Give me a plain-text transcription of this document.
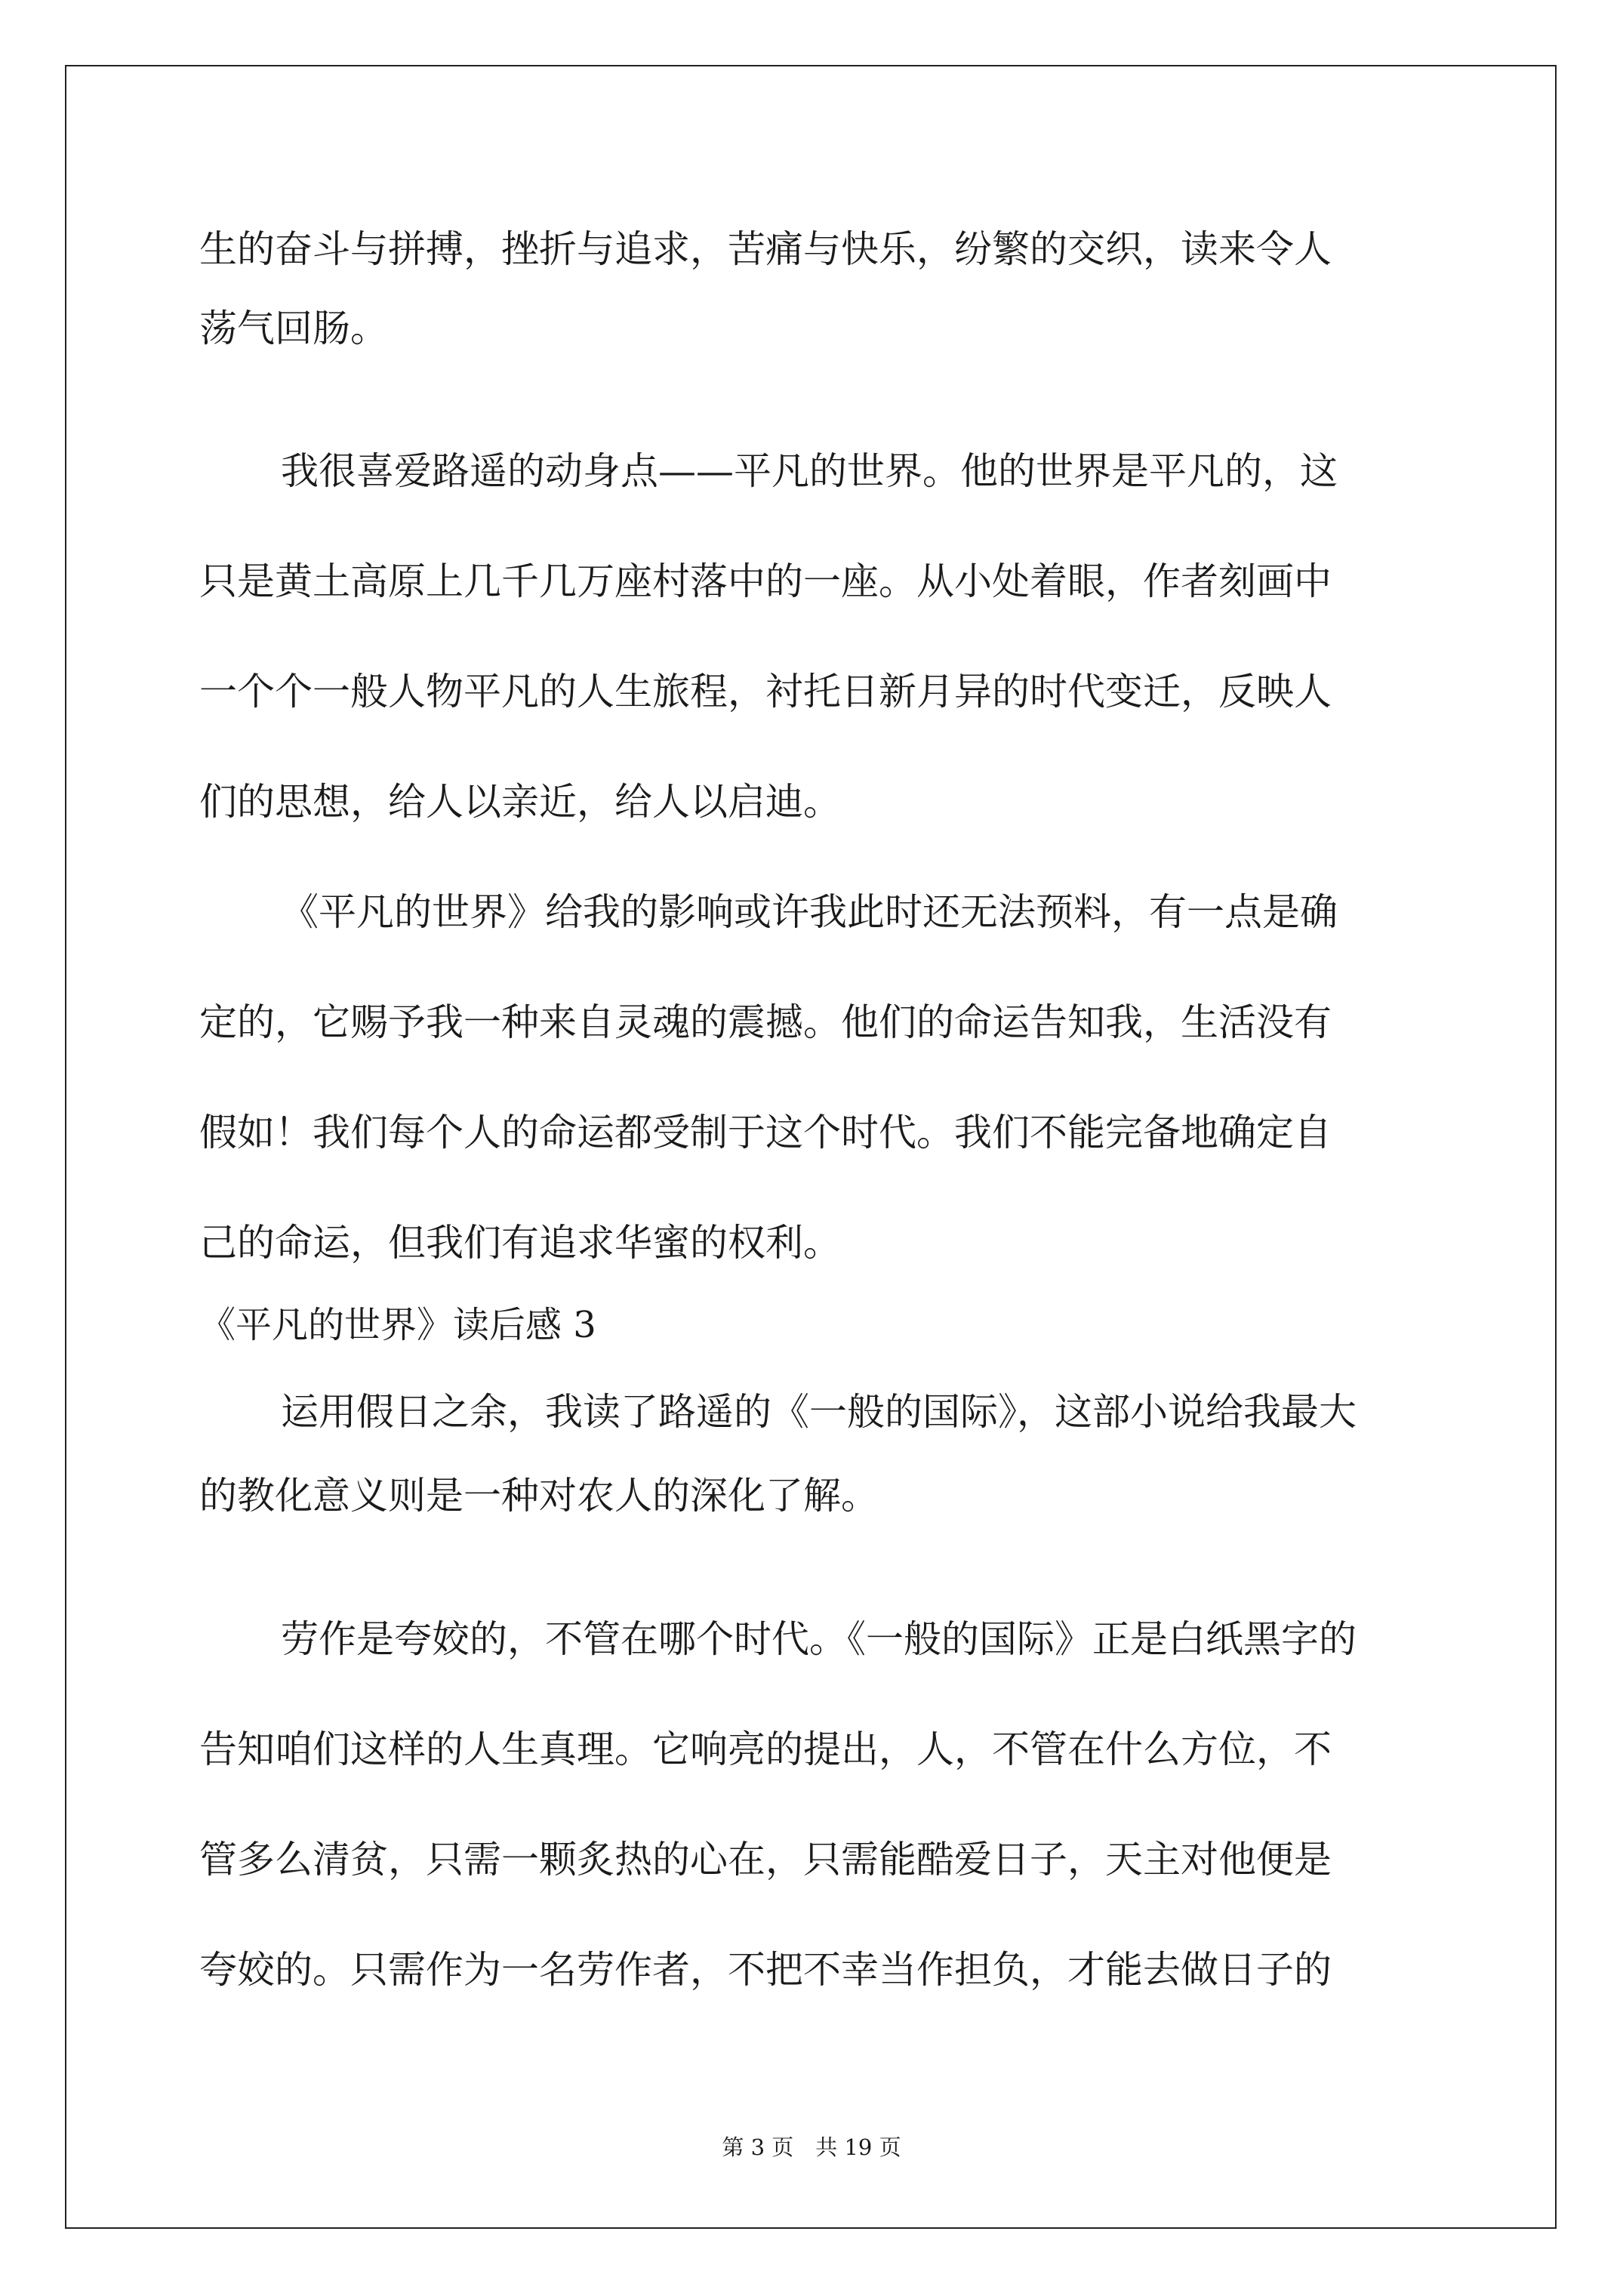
生的奋斗与拼搏，挫折与追求，苦痛与快乐，纷繁的交织，读来令人
荡气回肠。
我很喜爱路遥的动身点——平凡的世界。他的世界是平凡的，这
只是黄土高原上几千几万座村落中的一座。从小处着眼，作者刻画中
一个个一般人物平凡的人生旅程，衬托日新月异的时代变迁，反映人
们的思想，给人以亲近，给人以启迪。
《平凡的世界》给我的影响或许我此时还无法预料，有一点是确
定的，它赐予我一种来自灵魂的震撼。他们的命运告知我，生活没有
假如！我们每个人的命运都受制于这个时代。我们不能完备地确定自
己的命运，但我们有追求华蜜的权利。
《平凡的世界》读后感 3
运用假日之余，我读了路遥的《一般的国际》，这部小说给我最大
的教化意义则是一种对农人的深化了解。
劳作是夸姣的，不管在哪个时代。《一般的国际》正是白纸黑字的
告知咱们这样的人生真理。它响亮的提出，人，不管在什么方位，不
管多么清贫，只需一颗炙热的心在，只需能酷爱日子，天主对他便是
夸姣的。只需作为一名劳作者，不把不幸当作担负，才能去做日子的
第 3 页　共 19 页
